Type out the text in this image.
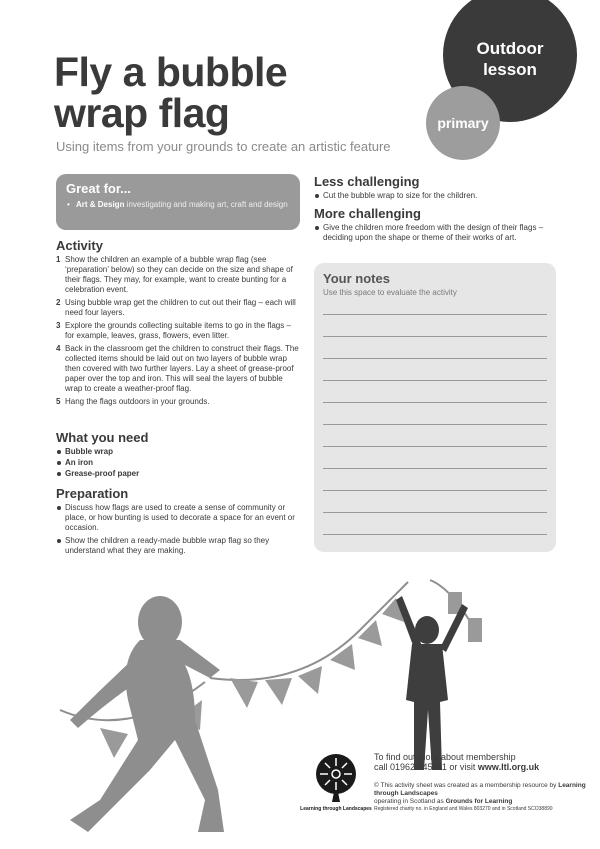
Outdoor
lesson
primary
Fly a bubble
wrap flag
Using items from your grounds to create an artistic feature
Great for...

• Art & Design investigating and making art, craft and design

Activity
1 Show the children an example of a bubble wrap flag (see ‘preparation’ below) so they can decide on the size and shape of their flags. They may, for example, want to create bunting for a celebration event.
2 Using bubble wrap get the children to cut out their flag – each will need four layers.
3 Explore the grounds collecting suitable items to go in the flags – for example, leaves, grass, flowers, even litter.
4 Back in the classroom get the children to construct their flags. The collected items should be laid out on two layers of bubble wrap then covered with two further layers. Lay a sheet of grease-proof paper over the top and iron. This will seal the layers of bubble wrap to create a weather-proof flag.
5 Hang the flags outdoors in your grounds.
What you need
Bubble wrap
An iron
Grease-proof paper
Preparation
Discuss how flags are used to create a sense of community or place, or how bunting is used to decorate a space for an event or occasion.
Show the children a ready-made bubble wrap flag so they understand what they are making.
Less challenging
Cut the bubble wrap to size for the children.
More challenging
Give the children more freedom with the design of their flags – deciding upon the shape or theme of their works of art.
Your notes

Use this space to evaluate the activity

To find out more about membership
call 01962 845811 or visit www.ltl.org.uk
© This activity sheet was created as a membership resource by Learning through Landscapes
operating in Scotland as Grounds for Learning
Registered charity no. in England and Wales 803270 and in Scotland SCO38890
Learning through Landscapes
